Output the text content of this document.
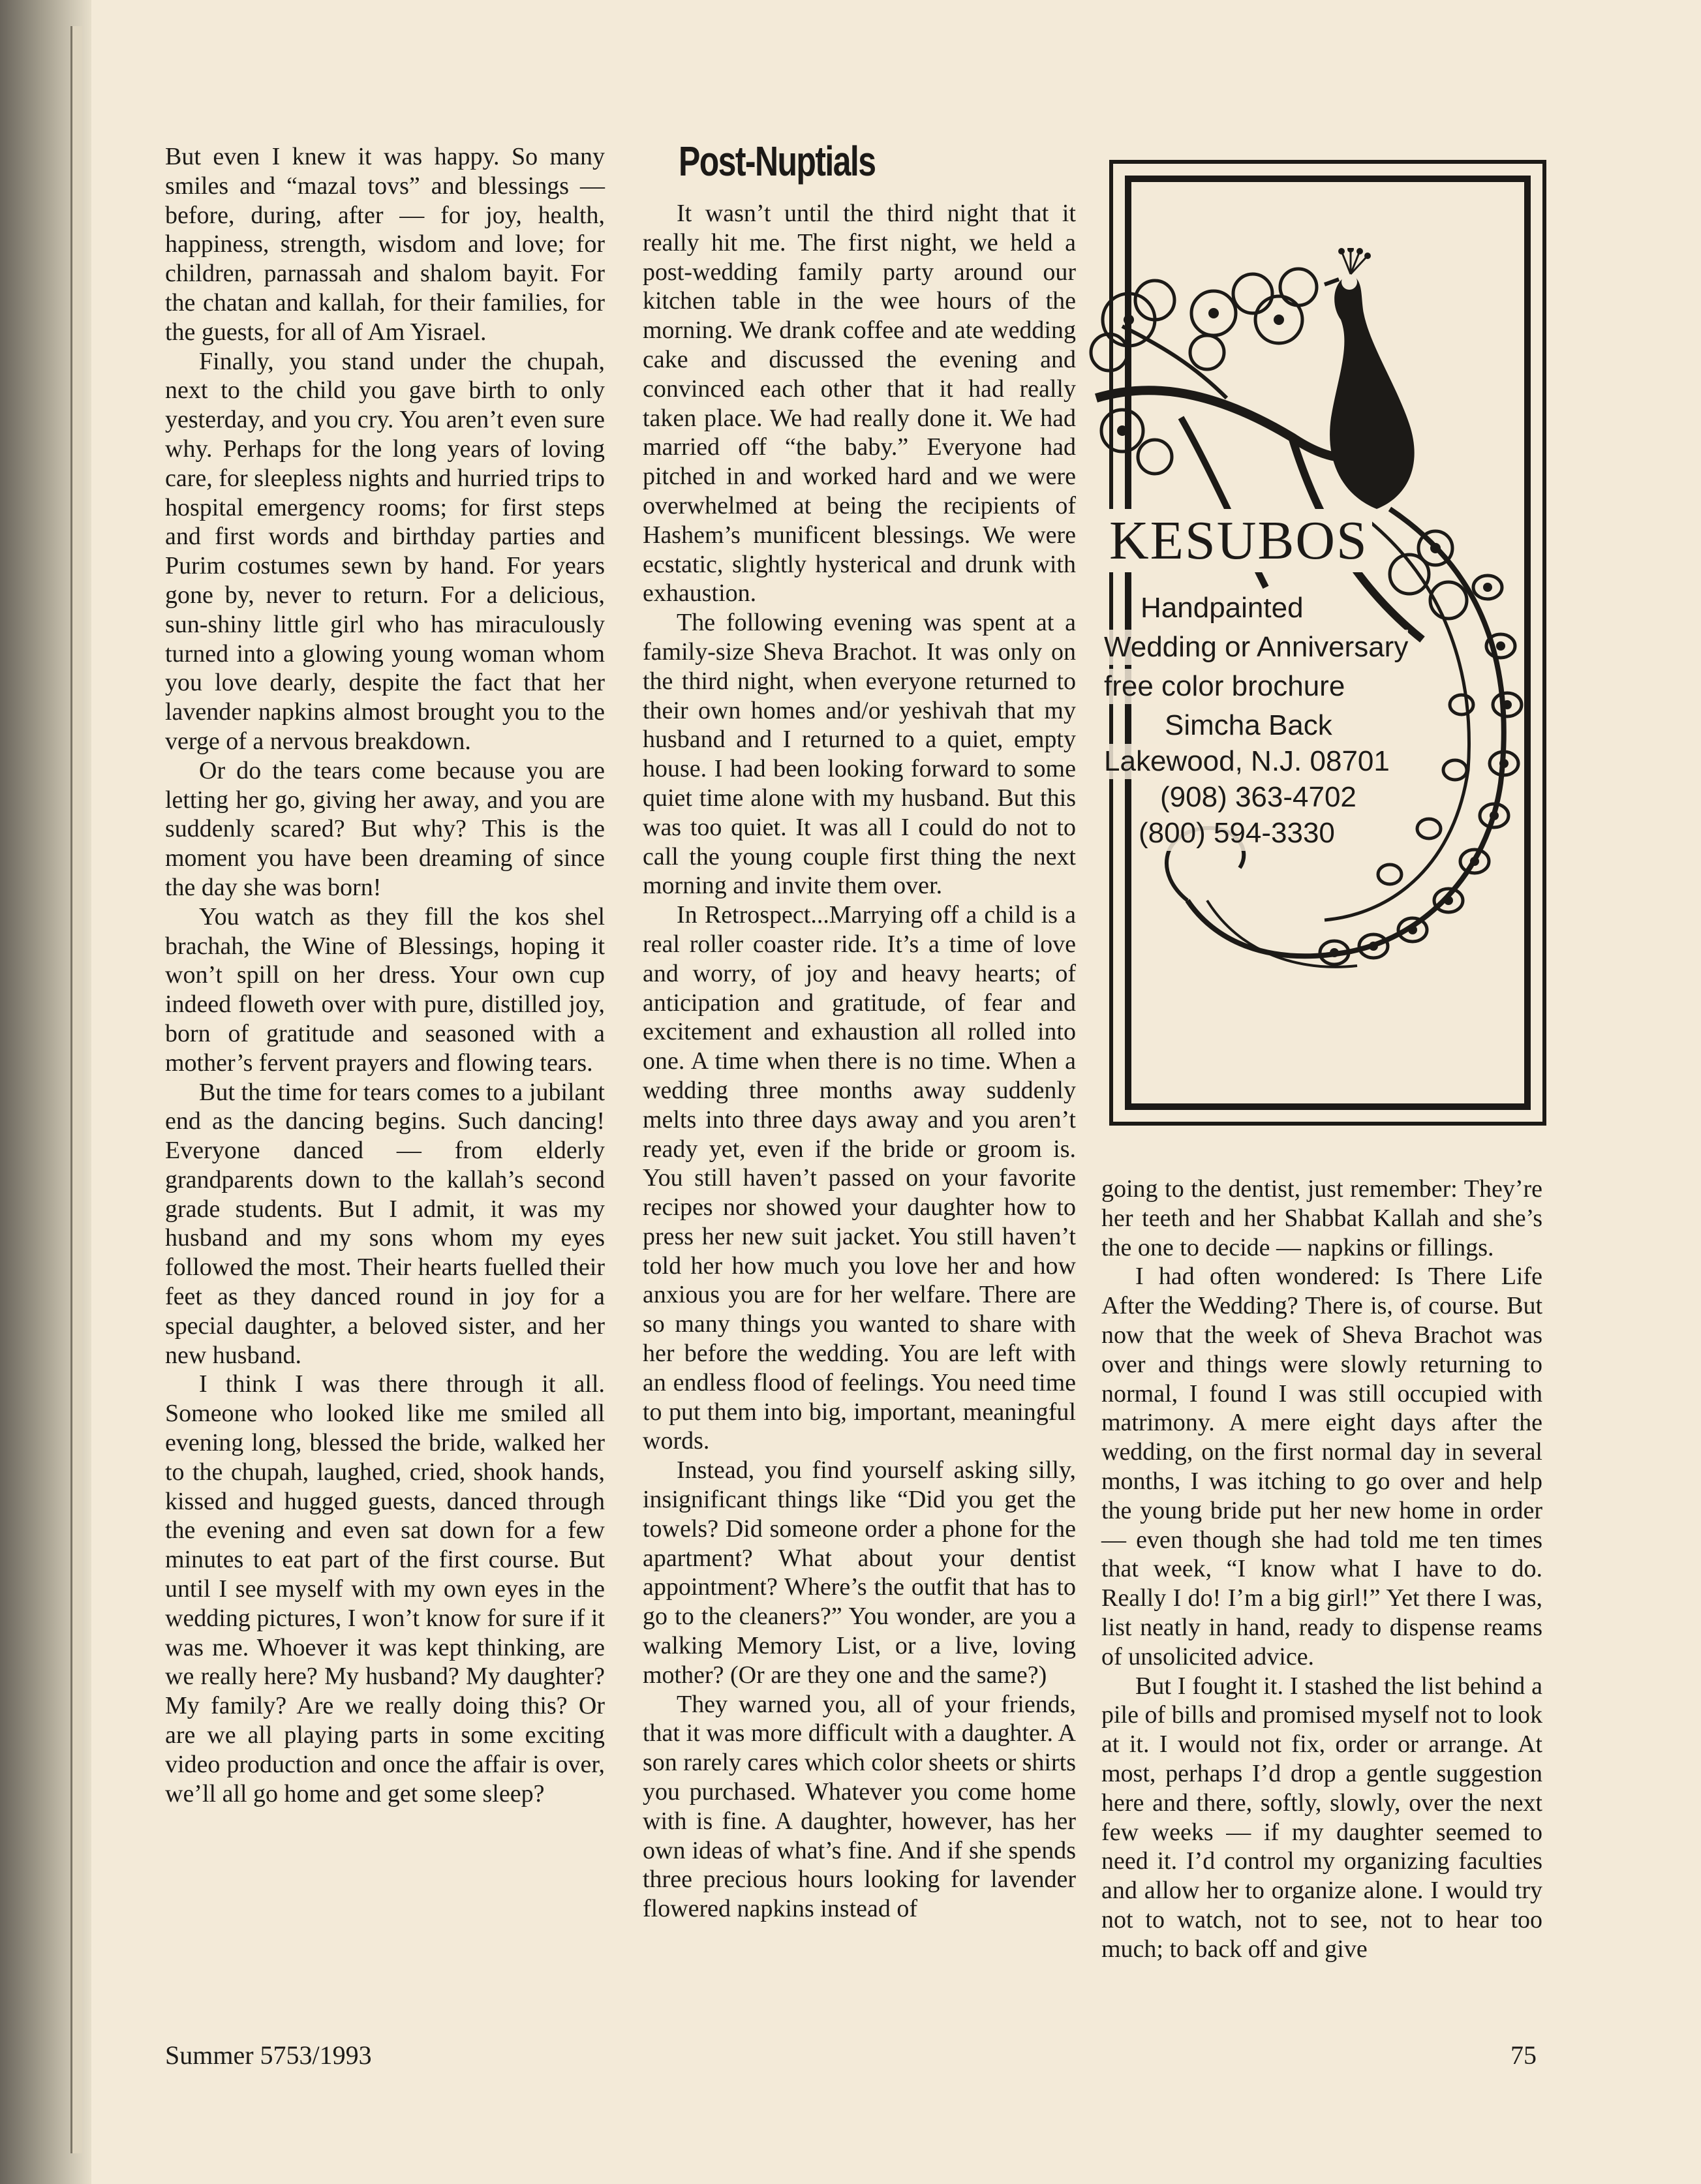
But even I knew it was happy. So many smiles and “mazal tovs” and blessings — before, during, after — for joy, health, happiness, strength, wisdom and love; for children, parnassah and shalom bayit. For the chatan and kallah, for their families, for the guests, for all of Am Yisrael.

Finally, you stand under the chupah, next to the child you gave birth to only yesterday, and you cry. You aren’t even sure why. Perhaps for the long years of loving care, for sleepless nights and hurried trips to hospital emergency rooms; for first steps and first words and birthday parties and Purim costumes sewn by hand. For years gone by, never to return. For a delicious, sun-shiny little girl who has miraculously turned into a glowing young woman whom you love dearly, despite the fact that her lavender napkins almost brought you to the verge of a nervous breakdown.

Or do the tears come because you are letting her go, giving her away, and you are suddenly scared? But why? This is the moment you have been dreaming of since the day she was born!

You watch as they fill the kos shel brachah, the Wine of Blessings, hoping it won’t spill on her dress. Your own cup indeed floweth over with pure, distilled joy, born of gratitude and seasoned with a mother’s fervent prayers and flowing tears.

But the time for tears comes to a jubilant end as the dancing begins. Such dancing! Everyone danced — from elderly grandparents down to the kallah’s second grade students. But I admit, it was my husband and my sons whom my eyes followed the most. Their hearts fuelled their feet as they danced round in joy for a special daughter, a beloved sister, and her new husband.

I think I was there through it all. Someone who looked like me smiled all evening long, blessed the bride, walked her to the chupah, laughed, cried, shook hands, kissed and hugged guests, danced through the evening and even sat down for a few minutes to eat part of the first course. But until I see myself with my own eyes in the wedding pictures, I won’t know for sure if it was me. Whoever it was kept thinking, are we really here? My husband? My daughter? My family? Are we really doing this? Or are we all playing parts in some exciting video production and once the affair is over, we’ll all go home and get some sleep?

Post-Nuptials

It wasn’t until the third night that it really hit me. The first night, we held a post-wedding family party around our kitchen table in the wee hours of the morning. We drank coffee and ate wedding cake and discussed the evening and convinced each other that it had really taken place. We had really done it. We had married off “the baby.” Everyone had pitched in and worked hard and we were overwhelmed at being the recipients of Hashem’s munificent blessings. We were ecstatic, slightly hysterical and drunk with exhaustion.

The following evening was spent at a family-size Sheva Brachot. It was only on the third night, when everyone returned to their own homes and/or yeshivah that my husband and I returned to a quiet, empty house. I had been looking forward to some quiet time alone with my husband. But this was too quiet. It was all I could do not to call the young couple first thing the next morning and invite them over.

In Retrospect...Marrying off a child is a real roller coaster ride. It’s a time of love and worry, of joy and heavy hearts; of anticipation and gratitude, of fear and excitement and exhaustion all rolled into one. A time when there is no time. When a wedding three months away suddenly melts into three days away and you aren’t ready yet, even if the bride or groom is. You still haven’t passed on your favorite recipes nor showed your daughter how to press her new suit jacket. You still haven’t told her how much you love her and how anxious you are for her welfare. There are so many things you wanted to share with her before the wedding. You are left with an endless flood of feelings. You need time to put them into big, important, meaningful words.

Instead, you find yourself asking silly, insignificant things like “Did you get the towels? Did someone order a phone for the apartment? What about your dentist appointment? Where’s the outfit that has to go to the cleaners?” You wonder, are you a walking Memory List, or a live, loving mother? (Or are they one and the same?)

They warned you, all of your friends, that it was more difficult with a daughter. A son rarely cares which color sheets or shirts you purchased. Whatever you come home with is fine. A daughter, however, has her own ideas of what’s fine. And if she spends three precious hours looking for lavender flowered napkins instead of

KESUBOS
Handpainted
Wedding or Anniversary
free color brochure
Simcha Back
Lakewood, N.J. 08701
(908) 363-4702
(800) 594-3330

going to the dentist, just remember: They’re her teeth and her Shabbat Kallah and she’s the one to decide — napkins or fillings.

I had often wondered: Is There Life After the Wedding? There is, of course. But now that the week of Sheva Brachot was over and things were slowly returning to normal, I found I was still occupied with matrimony. A mere eight days after the wedding, on the first normal day in several months, I was itching to go over and help the young bride put her new home in order — even though she had told me ten times that week, “I know what I have to do. Really I do! I’m a big girl!” Yet there I was, list neatly in hand, ready to dispense reams of unsolicited advice.

But I fought it. I stashed the list behind a pile of bills and promised myself not to look at it. I would not fix, order or arrange. At most, perhaps I’d drop a gentle suggestion here and there, softly, slowly, over the next few weeks — if my daughter seemed to need it. I’d control my organizing faculties and allow her to organize alone. I would try not to watch, not to see, not to hear too much; to back off and give

Summer 5753/1993	75
